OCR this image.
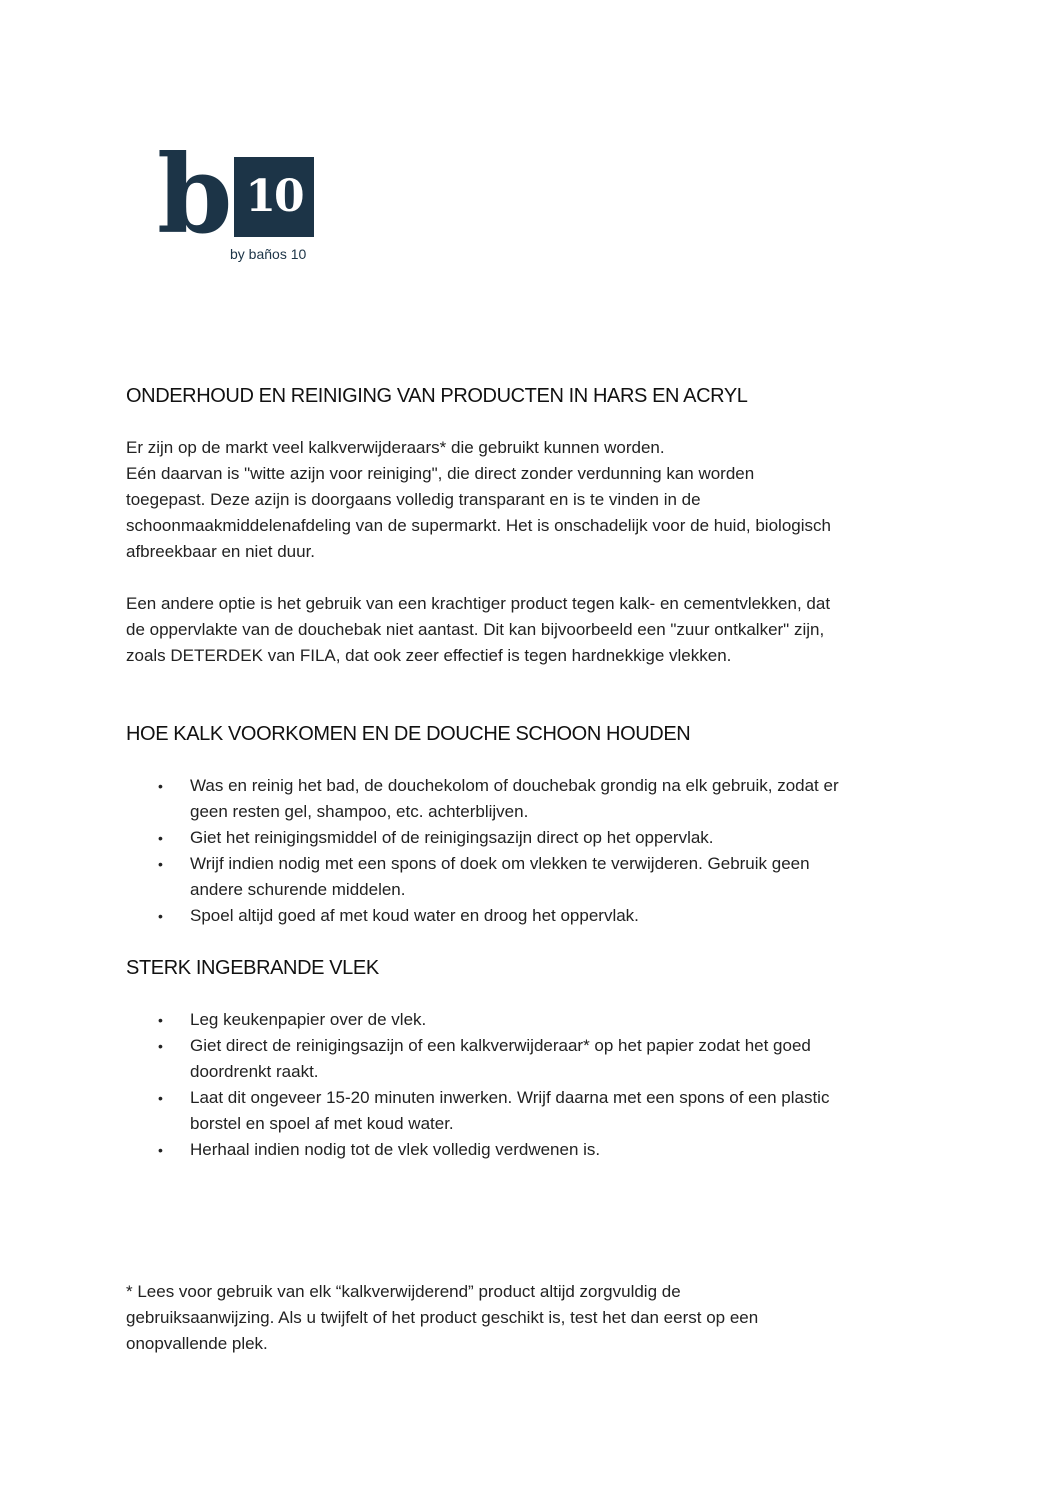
b 10
by baños 10
ONDERHOUD EN REINIGING VAN PRODUCTEN IN HARS EN ACRYL

Er zijn op de markt veel kalkverwijderaars* die gebruikt kunnen worden.
Eén daarvan is "witte azijn voor reiniging", die direct zonder verdunning kan worden
toegepast. Deze azijn is doorgaans volledig transparant en is te vinden in de
schoonmaakmiddelenafdeling van de supermarkt. Het is onschadelijk voor de huid, biologisch
afbreekbaar en niet duur.

Een andere optie is het gebruik van een krachtiger product tegen kalk- en cementvlekken, dat
de oppervlakte van de douchebak niet aantast. Dit kan bijvoorbeeld een "zuur ontkalker" zijn,
zoals DETERDEK van FILA, dat ook zeer effectief is tegen hardnekkige vlekken.

HOE KALK VOORKOMEN EN DE DOUCHE SCHOON HOUDEN
• Was en reinig het bad, de douchekolom of douchebak grondig na elk gebruik, zodat er
geen resten gel, shampoo, etc. achterblijven.
• Giet het reinigingsmiddel of de reinigingsazijn direct op het oppervlak.
• Wrijf indien nodig met een spons of doek om vlekken te verwijderen. Gebruik geen
andere schurende middelen.
• Spoel altijd goed af met koud water en droog het oppervlak.
STERK INGEBRANDE VLEK
• Leg keukenpapier over de vlek.
• Giet direct de reinigingsazijn of een kalkverwijderaar* op het papier zodat het goed
doordrenkt raakt.
• Laat dit ongeveer 15-20 minuten inwerken. Wrijf daarna met een spons of een plastic
borstel en spoel af met koud water.
• Herhaal indien nodig tot de vlek volledig verdwenen is.

* Lees voor gebruik van elk “kalkverwijderend” product altijd zorgvuldig de
gebruiksaanwijzing. Als u twijfelt of het product geschikt is, test het dan eerst op een
onopvallende plek.
